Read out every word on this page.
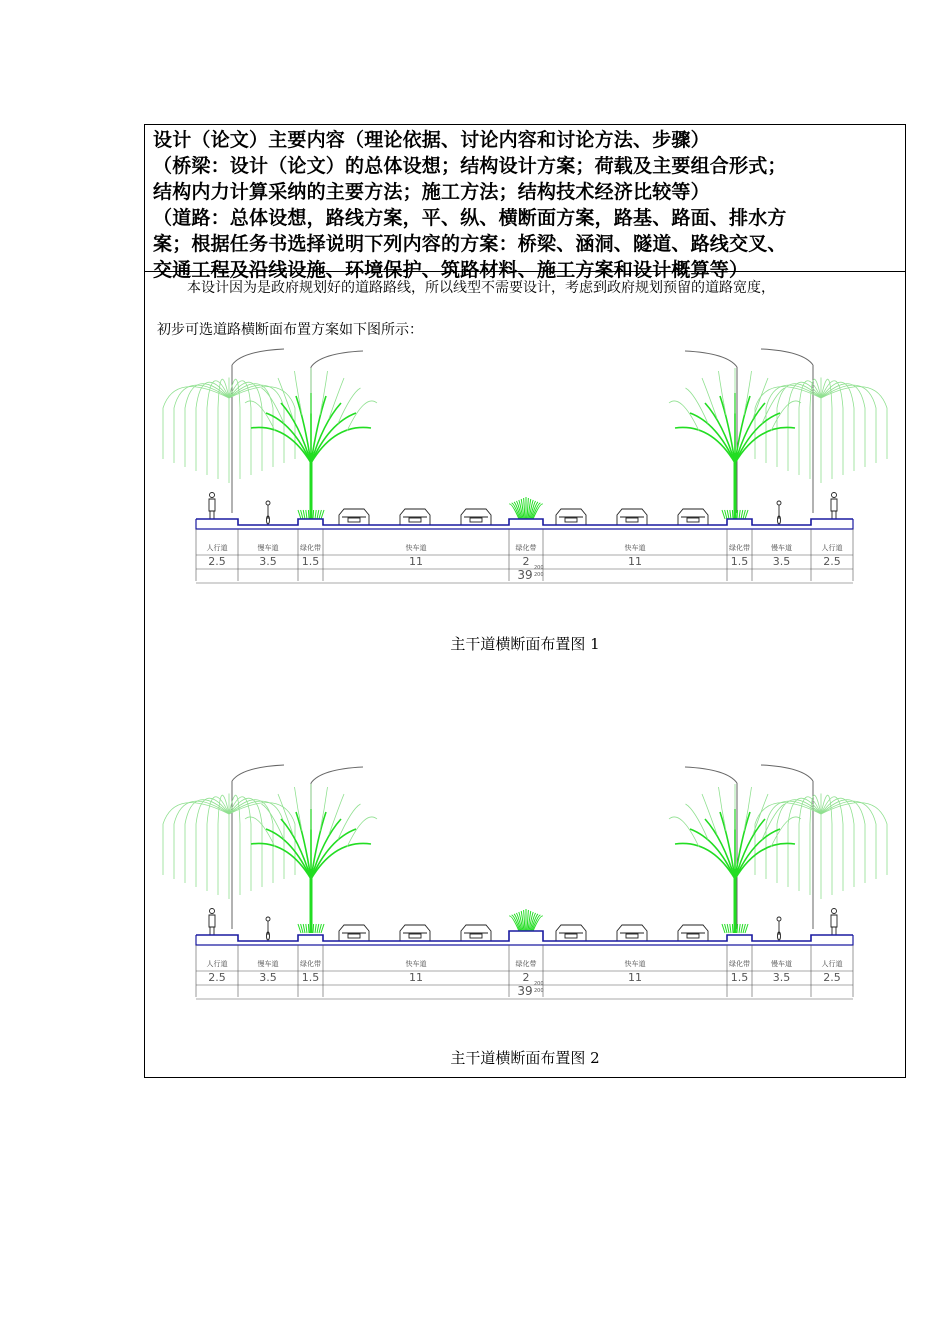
设计（论文）主要内容（理论依据、讨论内容和讨论方法、步骤）
（桥梁：设计（论文）的总体设想；结构设计方案；荷载及主要组合形式；
结构内力计算采纳的主要方法；施工方法；结构技术经济比较等）
（道路：总体设想，路线方案，平、纵、横断面方案，路基、路面、排水方
案；根据任务书选择说明下列内容的方案：桥梁、涵洞、隧道、路线交叉、
交通工程及沿线设施、环境保护、筑路材料、施工方案和设计概算等）
本设计因为是政府规划好的道路路线，所以线型不需要设计，考虑到政府规划预留的道路宽度，
初步可选道路横断面布置方案如下图所示：
人行道
2.5
慢车道
3.5
绿化带
1.5
快车道
11
绿化带
2
快车道
11
绿化带
1.5
慢车道
3.5
人行道
2.5
39 200
200
主干道横断面布置图 1
人行道
2.5
慢车道
3.5
绿化带
1.5
快车道
11
绿化带
2
快车道
11
绿化带
1.5
慢车道
3.5
人行道
2.5
39 200
200
主干道横断面布置图 2
